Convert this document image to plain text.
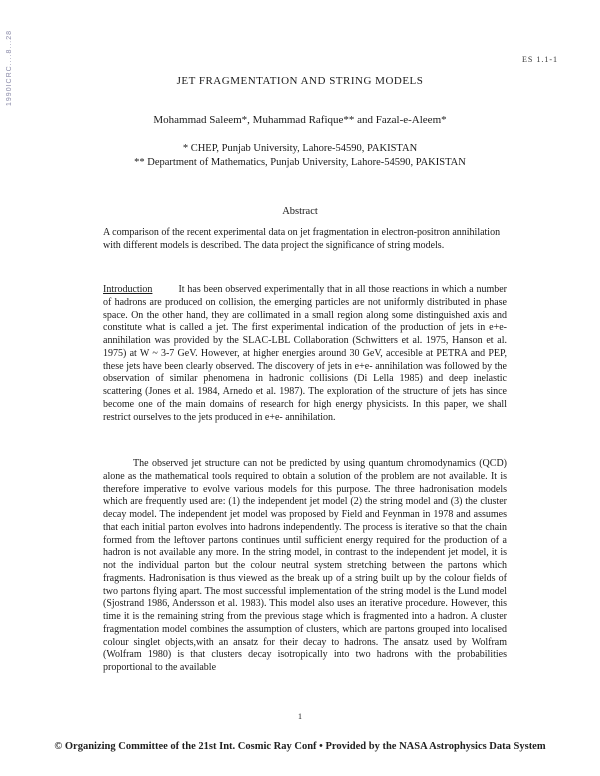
1990ICRC....8...28	ES 1.1-1
JET FRAGMENTATION AND STRING MODELS
Mohammad Saleem*, Muhammad Rafique** and Fazal-e-Aleem*
* CHEP, Punjab University, Lahore-54590, PAKISTAN
** Department of Mathematics, Punjab University, Lahore-54590, PAKISTAN
Abstract
A comparison of the recent experimental data on jet fragmentation in electron-positron annihilation with different models is described. The data project the significance of string models.

Introduction	It has been observed experimentally that in all those reactions in which a number of hadrons are produced on collision, the emerging particles are not uniformly distributed in phase space. On the other hand, they are collimated in a small region along some distinguished axis and constitute what is called a jet. The first experimental indication of the production of jets in e+e- annihilation was provided by the SLAC-LBL Collaboration (Schwitters et al. 1975, Hanson et al. 1975) at W ~ 3-7 GeV. However, at higher energies around 30 GeV, accesible at PETRA and PEP, these jets have been clearly observed. The discovery of jets in e+e- annihilation was followed by the observation of similar phenomena in hadronic collisions (Di Lella 1985) and deep inelastic scattering (Jones et al. 1984, Arnedo et al. 1987). The exploration of the structure of jets has since become one of the main domains of research for high energy physicists. In this paper, we shall restrict ourselves to the jets produced in e+e- annihilation.

The observed jet structure can not be predicted by using quantum chromodynamics (QCD) alone as the mathematical tools required to obtain a solution of the problem are not available. It is therefore imperative to evolve various models for this purpose. The three hadronisation models which are frequently used are: (1) the independent jet model (2) the string model and (3) the cluster decay model. The independent jet model was proposed by Field and Feynman in 1978 and assumes that each initial parton evolves into hadrons independently. The process is iterative so that the chain formed from the leftover partons continues until sufficient energy required for the production of a hadron is not available any more. In the string model, in contrast to the independent jet model, it is not the individual parton but the colour neutral system stretching between the partons which fragments. Hadronisation is thus viewed as the break up of a string built up by the colour fields of two partons flying apart. The most successful implementation of the string model is the Lund model (Sjostrand 1986, Andersson et al. 1983). This model also uses an iterative procedure. However, this time it is the remaining string from the previous stage which is fragmented into a hadron. A cluster fragmentation model combines the assumption of clusters, which are partons grouped into localised colour singlet objects,with an ansatz for their decay to hadrons. The ansatz used by Wolfram (Wolfram 1980) is that clusters decay isotropically into two hadrons with the probabilities proportional to the available

1
© Organizing Committee of the 21st Int. Cosmic Ray Conf • Provided by the NASA Astrophysics Data System
